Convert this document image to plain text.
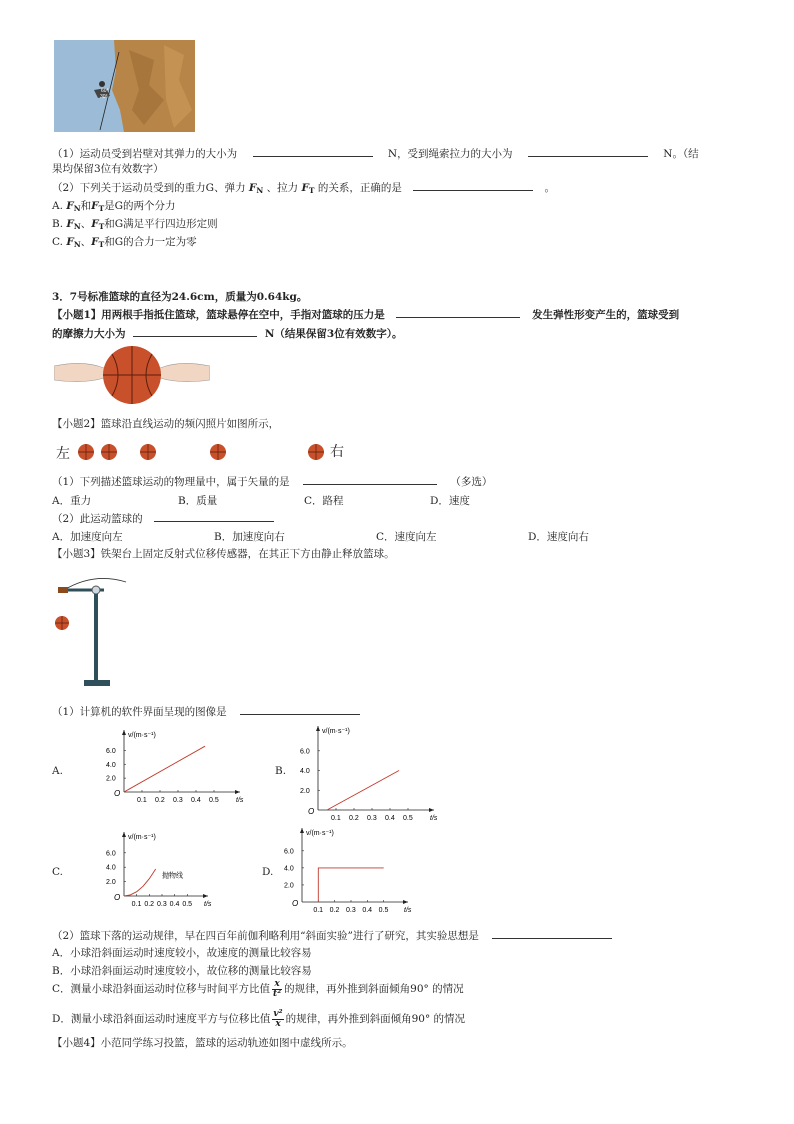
60°
30°
（1）运动员受到岩壁对其弹力的大小为	N，受到绳索拉力的大小为	N。（结
果均保留3位有效数字）
（2）下列关于运动员受到的重力G、弹力 $F_N$ 、拉力 $F_T$ 的关系，正确的是	。
A. $F_N$和$F_T$是G的两个分力
B. $F_N$、$F_T$和G满足平行四边形定则
C. $F_N$、$F_T$和G的合力一定为零
3．7号标准篮球的直径为24.6cm，质量为0.64kg。
【小题1】用两根手指抵住篮球，篮球悬停在空中，手指对篮球的压力是	发生弹性形变产生的，篮球受到
的摩擦力大小为	N（结果保留3位有效数字）。
【小题2】篮球沿直线运动的频闪照片如图所示，
左	右
（1）下列描述篮球运动的物理量中，属于矢量的是	（多选）
A．重力	B．质量	C．路程	D．速度
（2）此运动篮球的
A．加速度向左	B．加速度向右	C．速度向左	D．速度向右
【小题3】铁架台上固定反射式位移传感器，在其正下方由静止释放篮球。
（1）计算机的软件界面呈现的图像是
A.	B.
C.	D.
O
v/(m·s⁻¹)
t/s
0.1 0.2 0.3 0.4 0.5
2.0
4.0
6.0
O
v/(m·s⁻¹)
t/s
0.1 0.2 0.3 0.4 0.5
2.0
4.0
6.0
O
v/(m·s⁻¹)
t/s
0.1 0.2 0.3 0.4 0.5
2.0
4.0
6.0
抛物线
O
v/(m·s⁻¹)
t/s
0.1 0.2 0.3 0.4 0.5
2.0
4.0
6.0
（2）篮球下落的运动规律，早在四百年前伽利略利用“斜面实验”进行了研究，其实验思想是
A．小球沿斜面运动时速度较小，故速度的测量比较容易
B．小球沿斜面运动时速度较小，故位移的测量比较容易
C．测量小球沿斜面运动时位移与时间平方比值 $\frac{x}{\text{t²}}$ 的规律，再外推到斜面倾角90° 的情况
D．测量小球沿斜面运动时速度平方与位移比值 $\frac{\text{v²}}{x}$ 的规律，再外推到斜面倾角90° 的情况
【小题4】小范同学练习投篮，篮球的运动轨迹如图中虚线所示。
